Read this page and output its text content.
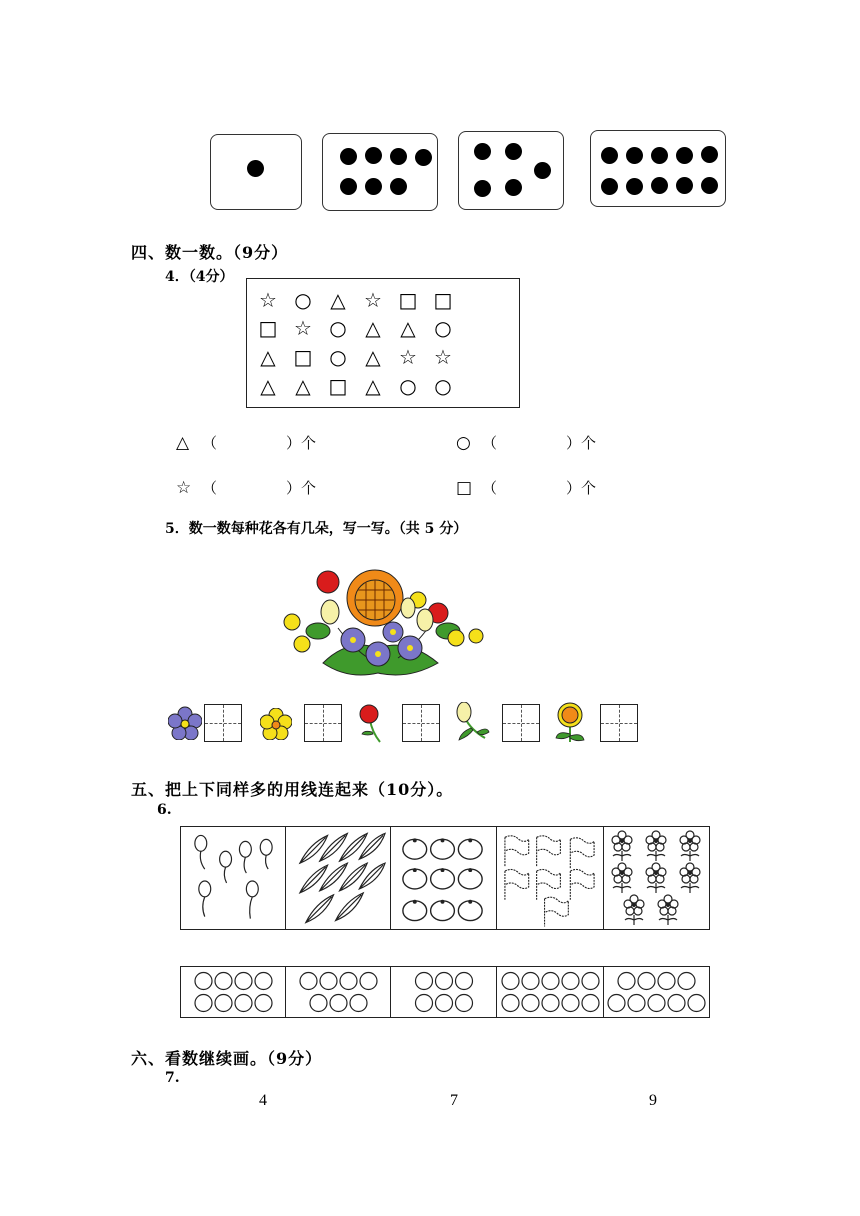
四、数一数。（9分）
4．（4分）
☆ ○ △ ☆ □ □
□ ☆ ○ △ △ ○
△ □ ○ △ ☆ ☆
△ △ □ △ ○ ○
△ （	）个	○ （	）个
☆ （	）个	□ （	）个
5．数一数每种花各有几朵，写一写。（共 5 分）
五、把上下同样多的用线连起来（10分）。
6.
六、看数继续画。（9分）
7.
4	7	9
